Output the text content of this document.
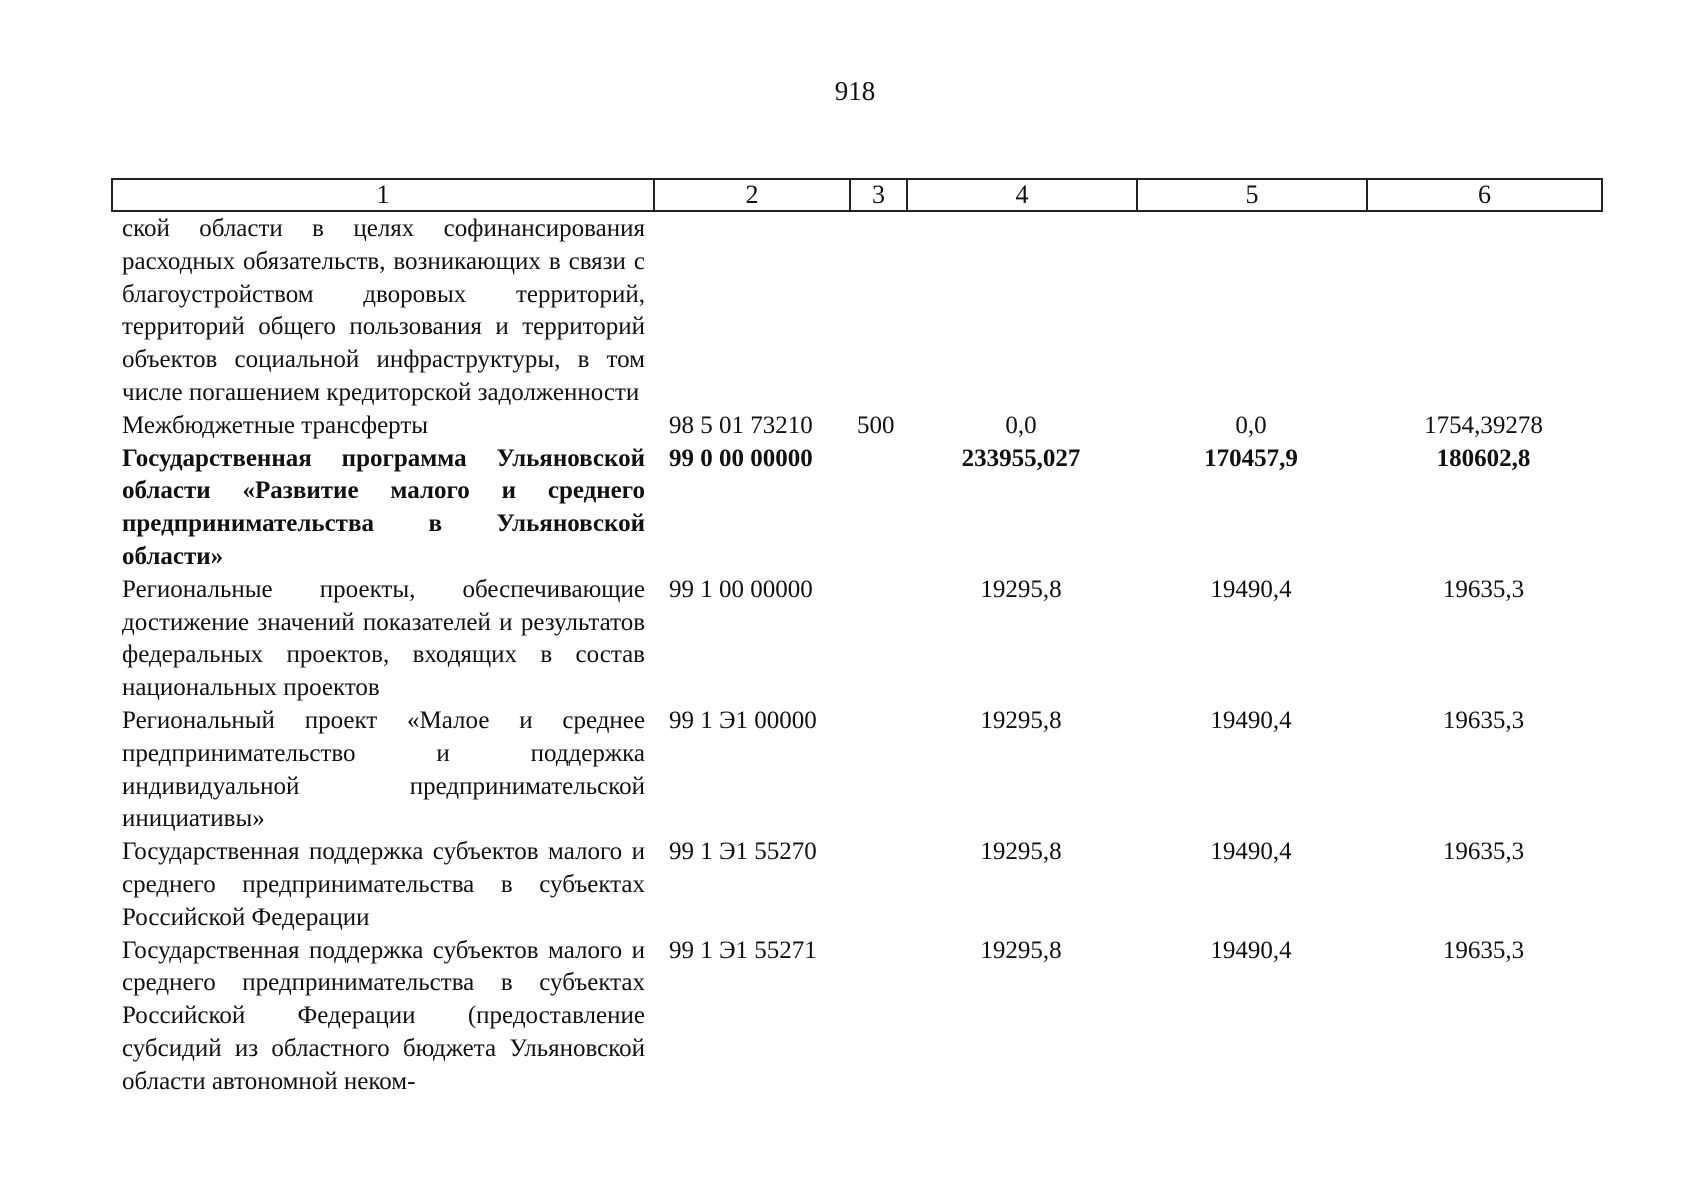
918
1	2	3	4	5	6
ской области в целях софинансирования расходных обязательств, возникающих в связи с благоустройством дворовых территорий, территорий общего пользования и территорий объектов социальной инфраструктуры, в том числе погашением кредиторской задолженности					
Межбюджетные трансферты	98 5 01 73210	500	0,0	0,0	1754,39278
Государственная программа Ульяновской области «Развитие малого и среднего предпринимательства в Ульяновской области»	99 0 00 00000		233955,027	170457,9	180602,8
Региональные проекты, обеспечивающие достижение значений показателей и результатов федеральных проектов, входящих в состав национальных проектов	99 1 00 00000		19295,8	19490,4	19635,3
Региональный проект «Малое и среднее предпринимательство и поддержка индивидуальной предпринимательской инициативы»	99 1 Э1 00000		19295,8	19490,4	19635,3
Государственная поддержка субъектов малого и среднего предпринимательства в субъектах Российской Федерации	99 1 Э1 55270		19295,8	19490,4	19635,3
Государственная поддержка субъектов малого и среднего предпринимательства в субъектах Российской Федерации (предоставление субсидий из областного бюджета Ульяновской области автономной неком-	99 1 Э1 55271		19295,8	19490,4	19635,3
